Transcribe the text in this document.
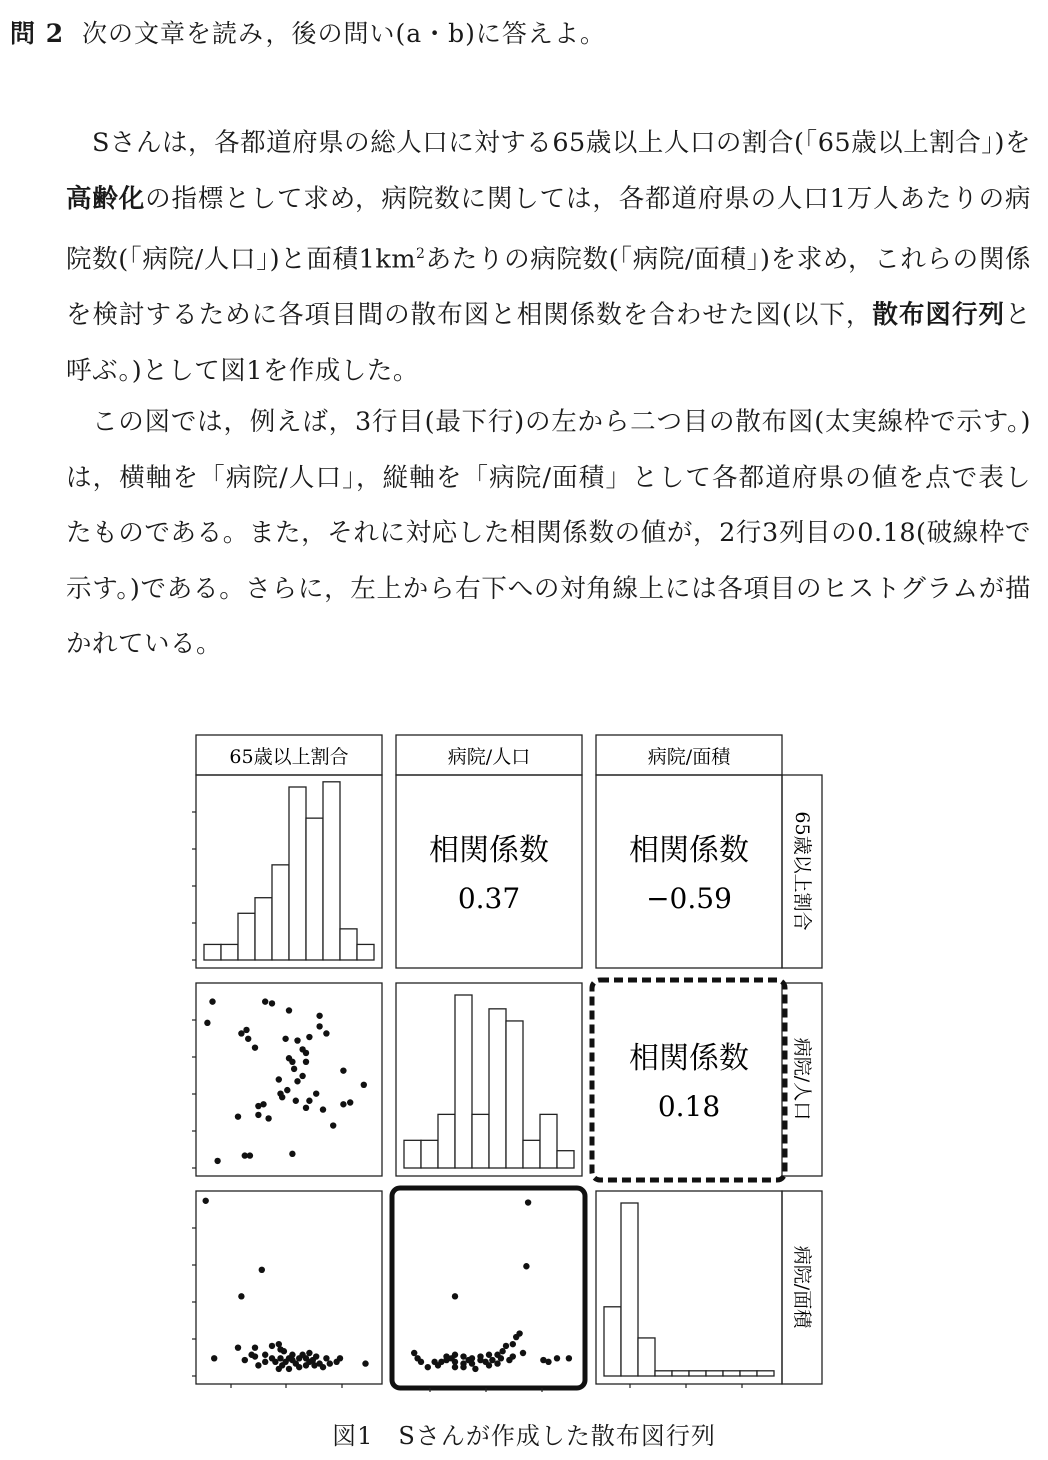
問 2 次の文章を読み，後の問い(a・b)に答えよ。

Sさんは，各都道府県の総人口に対する65歳以上人口の割合(「65歳以上割合」)を高齢化の指標として求め，病院数に関しては，各都道府県の人口1万人あたりの病院数(「病院/人口」)と面積$1km^2$あたりの病院数(「病院/面積」)を求め，これらの関係を検討するために各項目間の散布図と相関係数を合わせた図(以下，散布図行列と呼ぶ。)として図1を作成した。

この図では，例えば，3行目(最下行)の左から二つ目の散布図(太実線枠で示す。)は，横軸を「病院/人口」，縦軸を「病院/面積」として各都道府県の値を点で表したものである。また，それに対応した相関係数の値が，2行3列目の0.18(破線枠で示す。)である。さらに，左上から右下への対角線上には各項目のヒストグラムが描かれている。

65歳以上割合	病院/人口	病院/面積
65歳以上割合
病院/人口
病院/面積
相関係数
0.37
相関係数
−0.59
相関係数
0.18
図1　Sさんが作成した散布図行列
